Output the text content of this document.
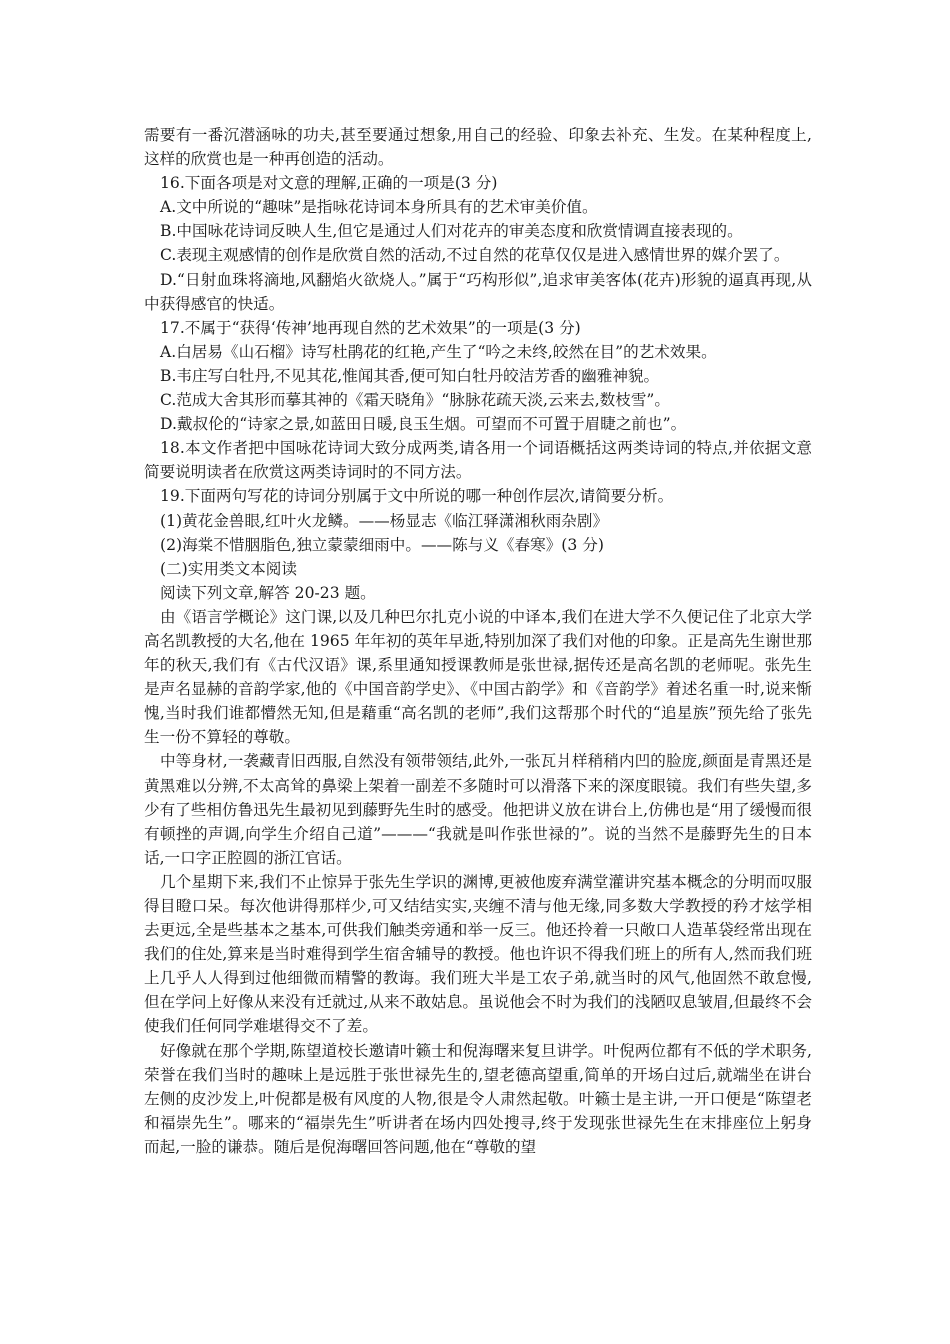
需要有一番沉潜涵咏的功夫,甚至要通过想象,用自己的经验、印象去补充、生发。在某种程度上,这样的欣赏也是一种再创造的活动。

16.下面各项是对文意的理解,正确的一项是(3 分)

A.文中所说的“趣味”是指咏花诗词本身所具有的艺术审美价值。

B.中国咏花诗词反映人生,但它是通过人们对花卉的审美态度和欣赏情调直接表现的。

C.表现主观感情的创作是欣赏自然的活动,不过自然的花草仅仅是进入感情世界的媒介罢了。

D.“日射血珠将滴地,风翻焰火欲烧人。”属于“巧构形似”,追求审美客体(花卉)形貌的逼真再现,从中获得感官的快适。

17.不属于“获得‘传神’地再现自然的艺术效果”的一项是(3 分)

A.白居易《山石榴》诗写杜鹃花的红艳,产生了“吟之未终,皎然在目”的艺术效果。

B.韦庄写白牡丹,不见其花,惟闻其香,便可知白牡丹皎洁芳香的幽雅神貌。

C.范成大舍其形而摹其神的《霜天晓角》“脉脉花疏天淡,云来去,数枝雪”。

D.戴叔伦的“诗家之景,如蓝田日暖,良玉生烟。可望而不可置于眉睫之前也”。

18.本文作者把中国咏花诗词大致分成两类,请各用一个词语概括这两类诗词的特点,并依据文意简要说明读者在欣赏这两类诗词时的不同方法。

19.下面两句写花的诗词分别属于文中所说的哪一种创作层次,请简要分析。

(1)黄花金兽眼,红叶火龙鳞。——杨显志《临江驿潇湘秋雨杂剧》

(2)海棠不惜胭脂色,独立蒙蒙细雨中。——陈与义《春寒》(3 分)

(二)实用类文本阅读

阅读下列文章,解答 20-23 题。

由《语言学概论》这门课,以及几种巴尔扎克小说的中译本,我们在进大学不久便记住了北京大学高名凯教授的大名,他在 1965 年年初的英年早逝,特别加深了我们对他的印象。正是高先生谢世那年的秋天,我们有《古代汉语》课,系里通知授课教师是张世禄,据传还是高名凯的老师呢。张先生是声名显赫的音韵学家,他的《中国音韵学史》、《中国古韵学》和《音韵学》着述名重一时,说来惭愧,当时我们谁都懵然无知,但是藉重“高名凯的老师”,我们这帮那个时代的“追星族”预先给了张先生一份不算轻的尊敬。

中等身材,一袭藏青旧西服,自然没有领带领结,此外,一张瓦爿样稍稍内凹的脸庞,颜面是青黑还是黄黑难以分辨,不太高耸的鼻梁上架着一副差不多随时可以滑落下来的深度眼镜。我们有些失望,多少有了些相仿鲁迅先生最初见到藤野先生时的感受。他把讲义放在讲台上,仿佛也是“用了缓慢而很有顿挫的声调,向学生介绍自己道”———“我就是叫作张世禄的”。说的当然不是藤野先生的日本话,一口字正腔圆的浙江官话。

几个星期下来,我们不止惊异于张先生学识的渊博,更被他废弃满堂灌讲究基本概念的分明而叹服得目瞪口呆。每次他讲得那样少,可又结结实实,夹缠不清与他无缘,同多数大学教授的矜才炫学相去更远,全是些基本之基本,可供我们触类旁通和举一反三。他还拎着一只敞口人造革袋经常出现在我们的住处,算来是当时难得到学生宿舍辅导的教授。他也许识不得我们班上的所有人,然而我们班上几乎人人得到过他细微而精警的教诲。我们班大半是工农子弟,就当时的风气,他固然不敢怠慢,但在学问上好像从来没有迁就过,从来不敢姑息。虽说他会不时为我们的浅陋叹息皱眉,但最终不会使我们任何同学难堪得交不了差。

好像就在那个学期,陈望道校长邀请叶籁士和倪海曙来复旦讲学。叶倪两位都有不低的学术职务,荣誉在我们当时的趣味上是远胜于张世禄先生的,望老德高望重,简单的开场白过后,就端坐在讲台左侧的皮沙发上,叶倪都是极有风度的人物,很是令人肃然起敬。叶籁士是主讲,一开口便是“陈望老和福崇先生”。哪来的“福崇先生”听讲者在场内四处搜寻,终于发现张世禄先生在末排座位上躬身而起,一脸的谦恭。随后是倪海曙回答问题,他在“尊敬的望
